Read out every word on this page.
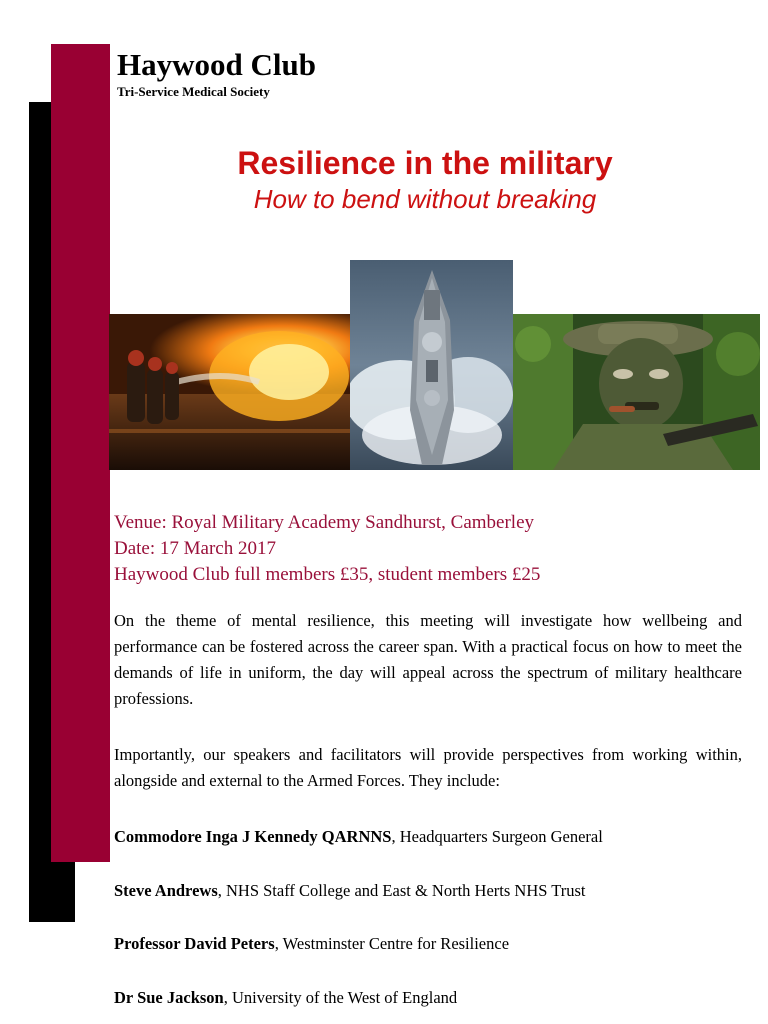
Haywood Club
Tri-Service Medical Society
Resilience in the military
How to bend without breaking
Venue: Royal Military Academy Sandhurst, Camberley
Date: 17 March 2017
Haywood Club full members £35, student members £25
On the theme of mental resilience, this meeting will investigate how wellbeing and performance can be fostered across the career span. With a practical focus on how to meet the demands of life in uniform, the day will appeal across the spectrum of military healthcare professions.
Importantly, our speakers and facilitators will provide perspectives from working within, alongside and external to the Armed Forces. They include:
Commodore Inga J Kennedy QARNNS, Headquarters Surgeon General
Steve Andrews, NHS Staff College and East & North Herts NHS Trust
Professor David Peters, Westminster Centre for Resilience
Dr Sue Jackson, University of the West of England
